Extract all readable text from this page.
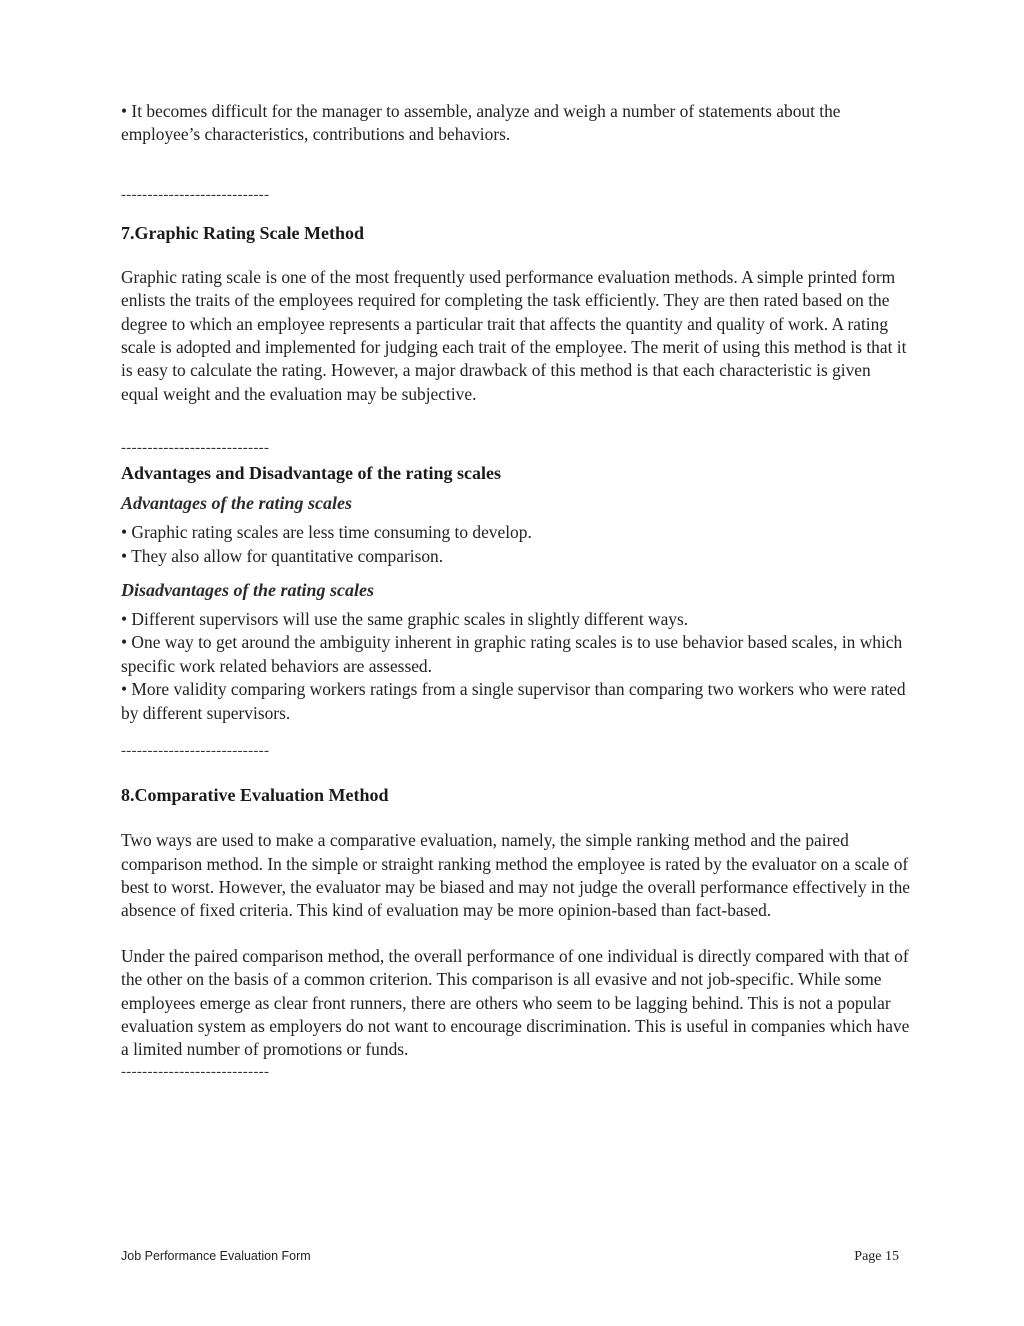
• It becomes difficult for the manager to assemble, analyze and weigh a number of statements about the employee’s characteristics, contributions and behaviors.

----------------------------

7.Graphic Rating Scale Method

Graphic rating scale is one of the most frequently used performance evaluation methods. A simple printed form enlists the traits of the employees required for completing the task efficiently. They are then rated based on the degree to which an employee represents a particular trait that affects the quantity and quality of work. A rating scale is adopted and implemented for judging each trait of the employee. The merit of using this method is that it is easy to calculate the rating. However, a major drawback of this method is that each characteristic is given equal weight and the evaluation may be subjective.

----------------------------

Advantages and Disadvantage of the rating scales

Advantages of the rating scales

• Graphic rating scales are less time consuming to develop.

• They also allow for quantitative comparison.

Disadvantages of the rating scales

• Different supervisors will use the same graphic scales in slightly different ways.

• One way to get around the ambiguity inherent in graphic rating scales is to use behavior based scales, in which specific work related behaviors are assessed.

• More validity comparing workers ratings from a single supervisor than comparing two workers who were rated by different supervisors.

----------------------------

8.Comparative Evaluation Method

Two ways are used to make a comparative evaluation, namely, the simple ranking method and the paired comparison method. In the simple or straight ranking method the employee is rated by the evaluator on a scale of best to worst. However, the evaluator may be biased and may not judge the overall performance effectively in the absence of fixed criteria. This kind of evaluation may be more opinion-based than fact-based.

Under the paired comparison method, the overall performance of one individual is directly compared with that of the other on the basis of a common criterion. This comparison is all evasive and not job-specific. While some employees emerge as clear front runners, there are others who seem to be lagging behind. This is not a popular evaluation system as employers do not want to encourage discrimination. This is useful in companies which have a limited number of promotions or funds.

----------------------------

Job Performance Evaluation Form	Page 15
